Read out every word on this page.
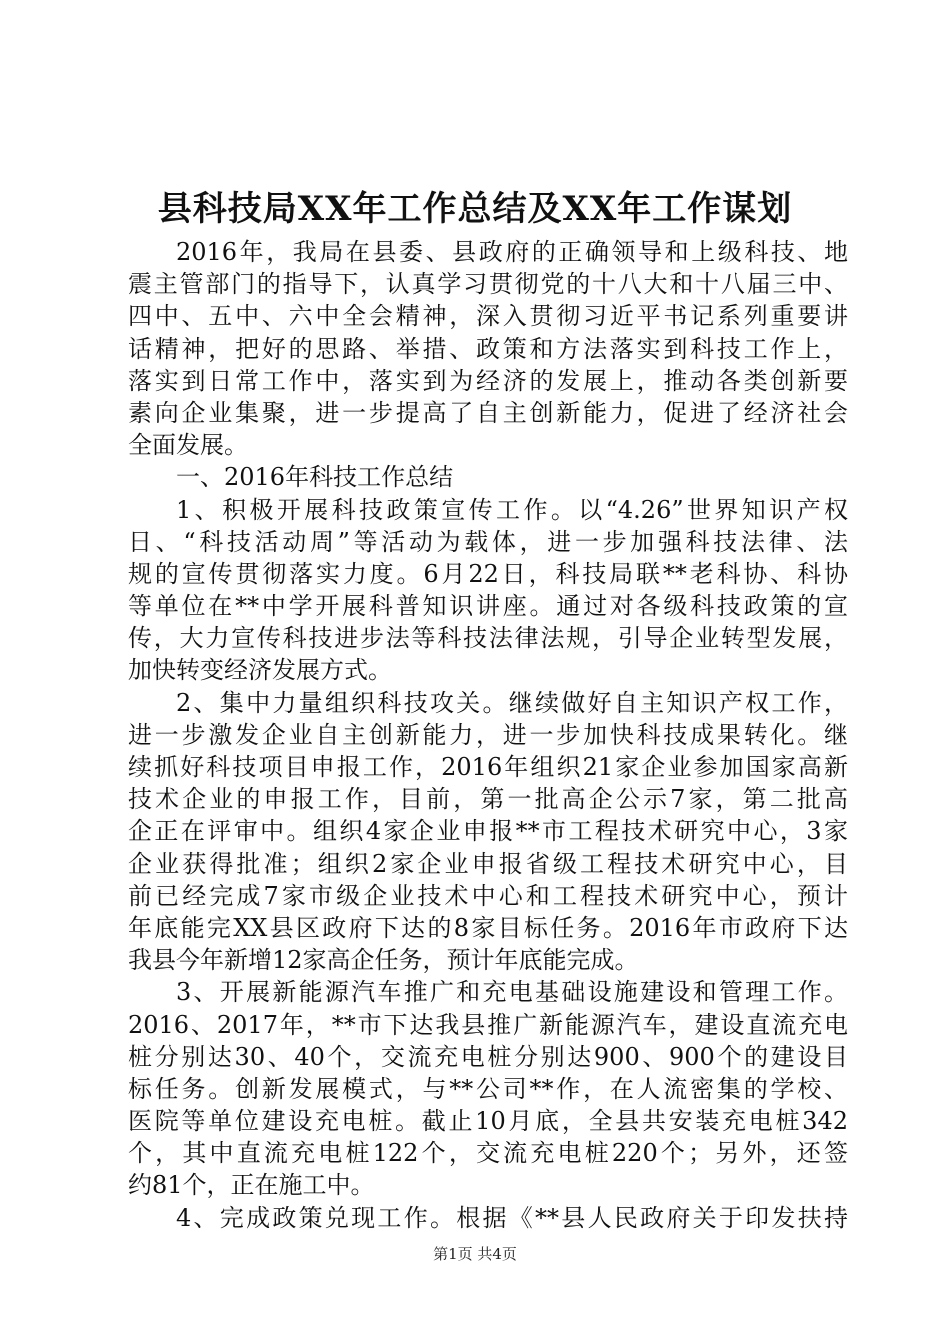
县科技局XX年工作总结及XX年工作谋划
2016年，我局在县委、县政府的正确领导和上级科技、地
震主管部门的指导下，认真学习贯彻党的十八大和十八届三中、
四中、五中、六中全会精神，深入贯彻习近平书记系列重要讲
话精神，把好的思路、举措、政策和方法落实到科技工作上，
落实到日常工作中，落实到为经济的发展上，推动各类创新要
素向企业集聚，进一步提高了自主创新能力，促进了经济社会
全面发展。
一、2016年科技工作总结
1、积极开展科技政策宣传工作。以“4.26”世界知识产权
日、“科技活动周”等活动为载体，进一步加强科技法律、法
规的宣传贯彻落实力度。6月22日，科技局联**老科协、科协
等单位在**中学开展科普知识讲座。通过对各级科技政策的宣
传，大力宣传科技进步法等科技法律法规，引导企业转型发展，
加快转变经济发展方式。
2、集中力量组织科技攻关。继续做好自主知识产权工作，
进一步激发企业自主创新能力，进一步加快科技成果转化。继
续抓好科技项目申报工作，2016年组织21家企业参加国家高新
技术企业的申报工作，目前，第一批高企公示7家，第二批高
企正在评审中。组织4家企业申报**市工程技术研究中心，3家
企业获得批准；组织2家企业申报省级工程技术研究中心，目
前已经完成7家市级企业技术中心和工程技术研究中心，预计
年底能完XX县区政府下达的8家目标任务。2016年市政府下达
我县今年新增12家高企任务，预计年底能完成。
3、开展新能源汽车推广和充电基础设施建设和管理工作。
2016、2017年，**市下达我县推广新能源汽车，建设直流充电
桩分别达30、40个，交流充电桩分别达900、900个的建设目
标任务。创新发展模式，与**公司**作，在人流密集的学校、
医院等单位建设充电桩。截止10月底，全县共安装充电桩342
个，其中直流充电桩122个，交流充电桩220个；另外，还签
约81个，正在施工中。
4、完成政策兑现工作。根据《**县人民政府关于印发扶持
第1页 共4页
